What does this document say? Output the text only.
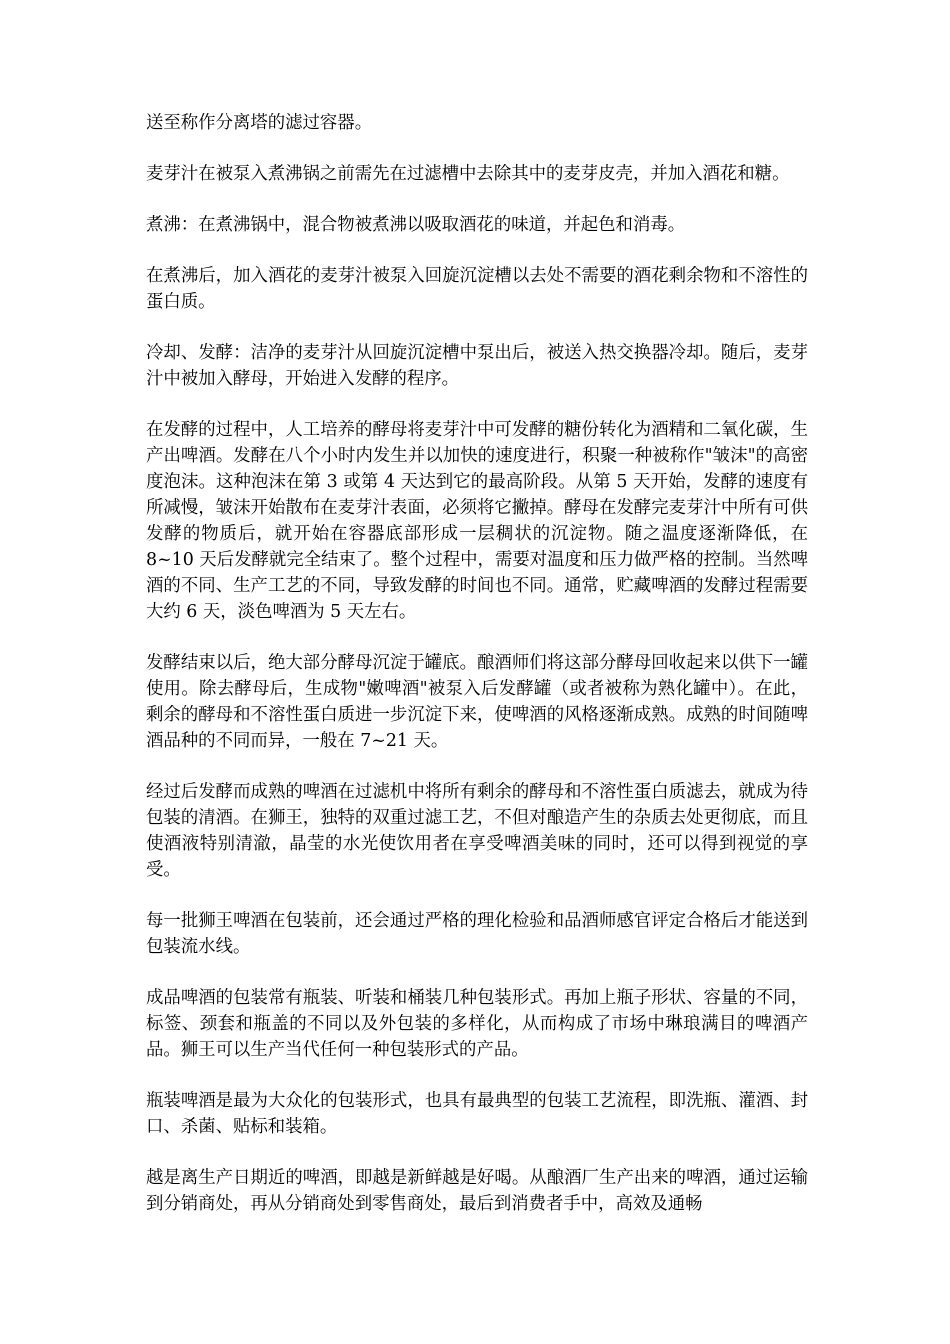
送至称作分离塔的滤过容器。

麦芽汁在被泵入煮沸锅之前需先在过滤槽中去除其中的麦芽皮壳，并加入酒花和糖。

煮沸：在煮沸锅中，混合物被煮沸以吸取酒花的味道，并起色和消毒。

在煮沸后，加入酒花的麦芽汁被泵入回旋沉淀槽以去处不需要的酒花剩余物和不溶性的蛋白质。

冷却、发酵：洁净的麦芽汁从回旋沉淀槽中泵出后，被送入热交换器冷却。随后，麦芽汁中被加入酵母，开始进入发酵的程序。

在发酵的过程中，人工培养的酵母将麦芽汁中可发酵的糖份转化为酒精和二氧化碳，生产出啤酒。发酵在八个小时内发生并以加快的速度进行，积聚一种被称作"皱沫"的高密度泡沫。这种泡沫在第 3 或第 4 天达到它的最高阶段。从第 5 天开始，发酵的速度有所减慢，皱沫开始散布在麦芽汁表面，必须将它撇掉。酵母在发酵完麦芽汁中所有可供发酵的物质后，就开始在容器底部形成一层稠状的沉淀物。随之温度逐渐降低，在 8~10 天后发酵就完全结束了。整个过程中，需要对温度和压力做严格的控制。当然啤酒的不同、生产工艺的不同，导致发酵的时间也不同。通常，贮藏啤酒的发酵过程需要大约 6 天，淡色啤酒为 5 天左右。

发酵结束以后，绝大部分酵母沉淀于罐底。酿酒师们将这部分酵母回收起来以供下一罐使用。除去酵母后，生成物"嫩啤酒"被泵入后发酵罐（或者被称为熟化罐中）。在此，剩余的酵母和不溶性蛋白质进一步沉淀下来，使啤酒的风格逐渐成熟。成熟的时间随啤酒品种的不同而异，一般在 7~21 天。

经过后发酵而成熟的啤酒在过滤机中将所有剩余的酵母和不溶性蛋白质滤去，就成为待包装的清酒。在狮王，独特的双重过滤工艺，不但对酿造产生的杂质去处更彻底，而且使酒液特别清澈，晶莹的水光使饮用者在享受啤酒美味的同时，还可以得到视觉的享受。

每一批狮王啤酒在包装前，还会通过严格的理化检验和品酒师感官评定合格后才能送到包装流水线。

成品啤酒的包装常有瓶装、听装和桶装几种包装形式。再加上瓶子形状、容量的不同，标签、颈套和瓶盖的不同以及外包装的多样化，从而构成了市场中琳琅满目的啤酒产品。狮王可以生产当代任何一种包装形式的产品。

瓶装啤酒是最为大众化的包装形式，也具有最典型的包装工艺流程，即洗瓶、灌酒、封口、杀菌、贴标和装箱。

越是离生产日期近的啤酒，即越是新鲜越是好喝。从酿酒厂生产出来的啤酒，通过运输到分销商处，再从分销商处到零售商处，最后到消费者手中，高效及通畅
